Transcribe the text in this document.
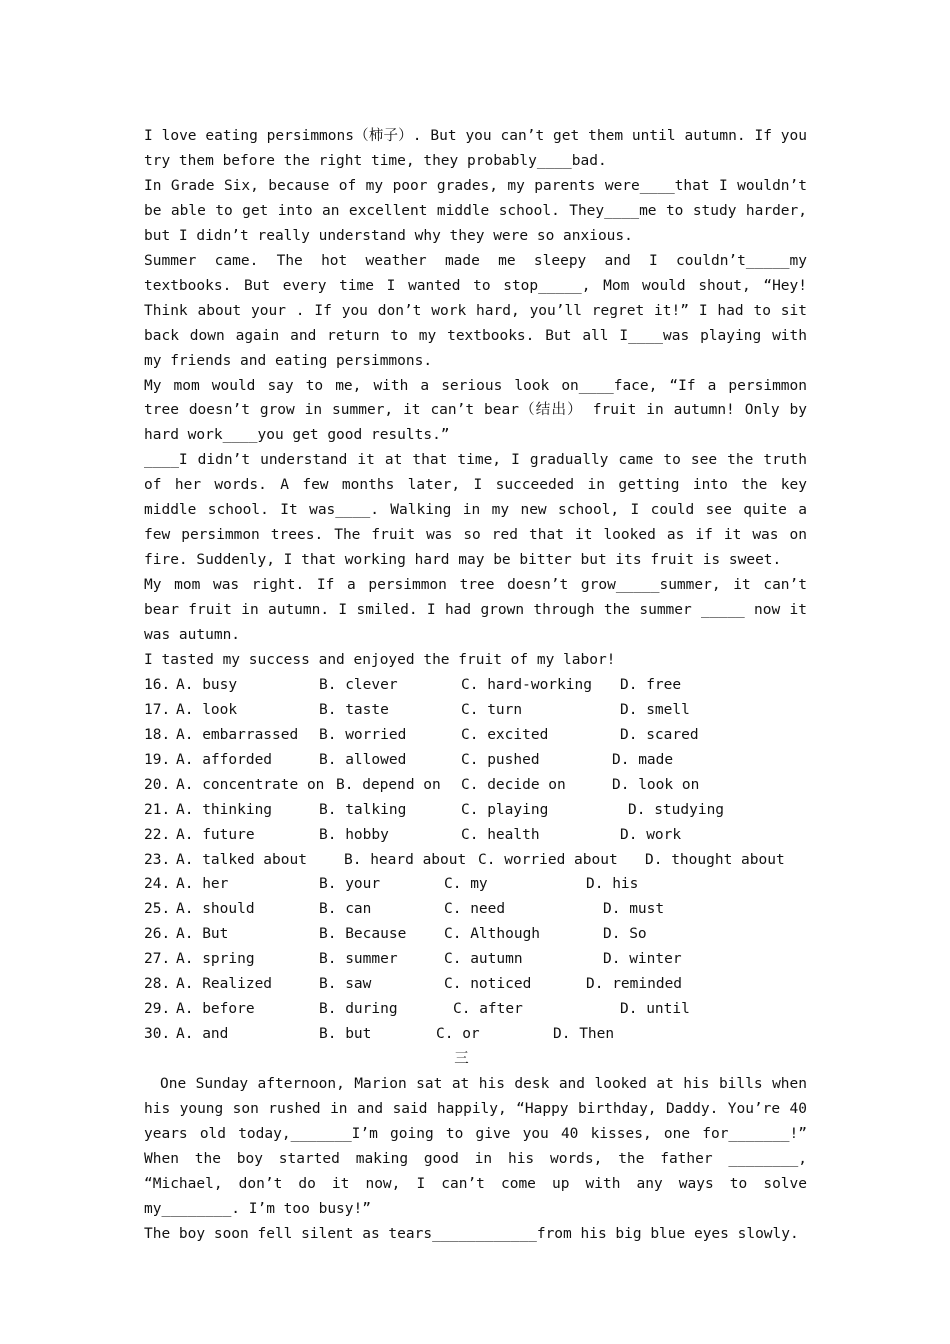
I love eating persimmons（柿子）. But you can’t get them until autumn. If you try them before the right time, they probably____bad.

In Grade Six, because of my poor grades, my parents were____that I wouldn’t be able to get into an excellent middle school. They____me to study harder, but I didn’t really understand why they were so anxious.

Summer came. The hot weather made me sleepy and I couldn’t_____my textbooks. But every time I wanted to stop_____, Mom would shout, “Hey! Think about your . If you don’t work hard, you’ll regret it!” I had to sit back down again and return to my textbooks. But all I____was playing with my friends and eating persimmons.

My mom would say to me, with a serious look on____face, “If a persimmon tree doesn’t grow in summer, it can’t bear（结出） fruit in autumn! Only by hard work____you get good results.”

____I didn’t understand it at that time, I gradually came to see the truth of her words. A few months later, I succeeded in getting into the key middle school. It was____. Walking in my new school, I could see quite a few persimmon trees. The fruit was so red that it looked as if it was on fire. Suddenly, I that working hard may be bitter but its fruit is sweet.

My mom was right. If a persimmon tree doesn’t grow_____summer, it can’t bear fruit in autumn. I smiled. I had grown through the summer _____ now it was autumn.

I tasted my success and enjoyed the fruit of my labor!

16. A. busy	B. clever	C. hard-working	D. free
17. A. look	B. taste	C. turn	D. smell
18. A. embarrassed	B. worried	C. excited	D. scared
19. A. afforded	B. allowed	C. pushed	D. made
20. A. concentrate on B. depend on	C. decide on	D. look on
21. A. thinking	B. talking	C. playing	D. studying
22. A. future	B. hobby	C. health	D. work
23. A. talked about	B. heard about C. worried about	D. thought about
24. A. her	B. your	C. my	D. his
25. A. should	B. can	C. need	D. must
26. A. But	B. Because	C. Although	D. So
27. A. spring	B. summer	C. autumn	D. winter
28. A. Realized	B. saw	C. noticed	D. reminded
29. A. before	B. during	C. after	D. until
30. A. and	B. but	C. or	D. Then

三

One Sunday afternoon, Marion sat at his desk and looked at his bills when his young son rushed in and said happily, “Happy birthday, Daddy. You’re 40 years old today,_______I’m going to give you 40 kisses, one for_______!” When the boy started making good in his words, the father ________, “Michael, don’t do it now, I can’t come up with any ways to solve my________. I’m too busy!”

The boy soon fell silent as tears____________from his big blue eyes slowly.
